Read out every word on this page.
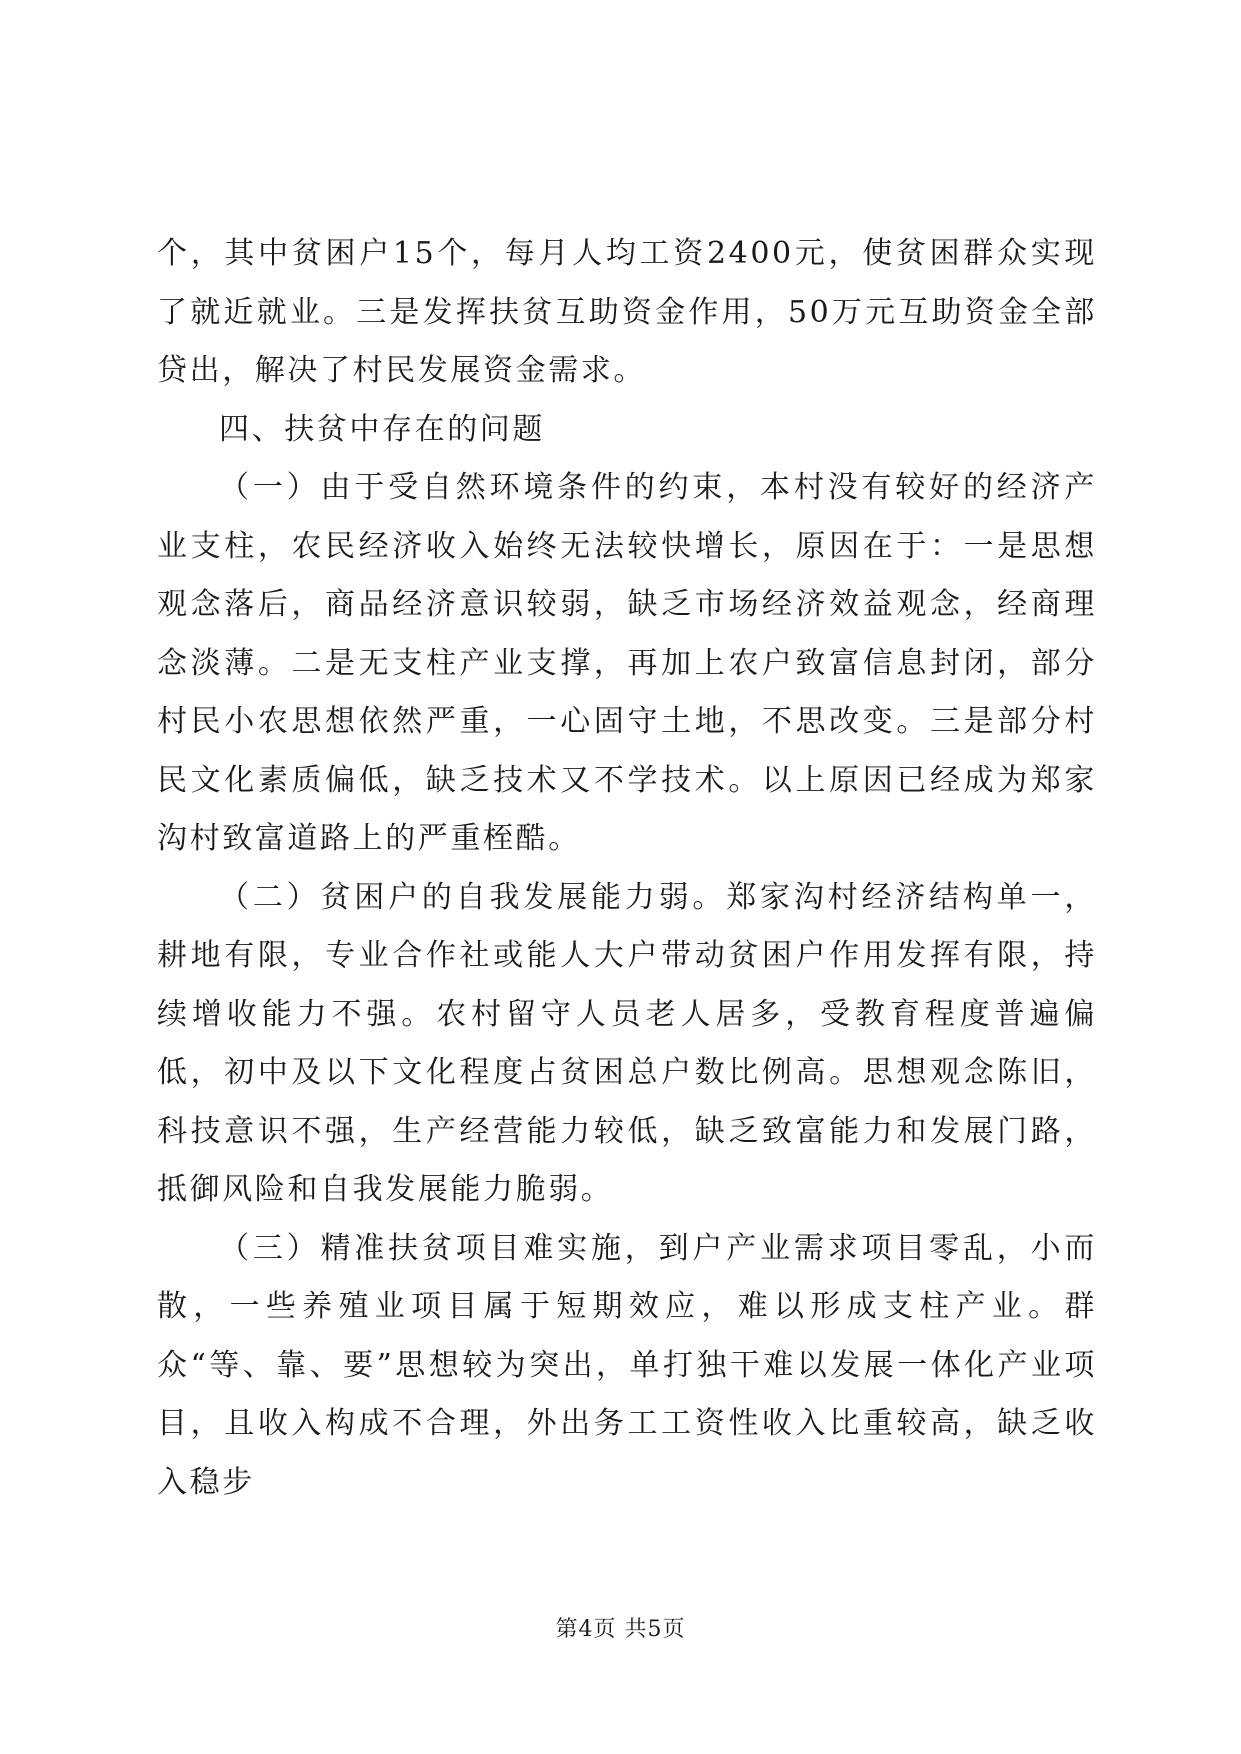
个，其中贫困户15个，每月人均工资2400元，使贫困群众实现了就近就业。三是发挥扶贫互助资金作用，50万元互助资金全部贷出，解决了村民发展资金需求。

四、扶贫中存在的问题

（一）由于受自然环境条件的约束，本村没有较好的经济产业支柱，农民经济收入始终无法较快增长，原因在于：一是思想观念落后，商品经济意识较弱，缺乏市场经济效益观念，经商理念淡薄。二是无支柱产业支撑，再加上农户致富信息封闭，部分村民小农思想依然严重，一心固守土地，不思改变。三是部分村民文化素质偏低，缺乏技术又不学技术。以上原因已经成为郑家沟村致富道路上的严重桎酷。

（二）贫困户的自我发展能力弱。郑家沟村经济结构单一，耕地有限，专业合作社或能人大户带动贫困户作用发挥有限，持续增收能力不强。农村留守人员老人居多，受教育程度普遍偏低，初中及以下文化程度占贫困总户数比例高。思想观念陈旧，科技意识不强，生产经营能力较低，缺乏致富能力和发展门路，抵御风险和自我发展能力脆弱。

（三）精准扶贫项目难实施，到户产业需求项目零乱，小而散，一些养殖业项目属于短期效应，难以形成支柱产业。群众“等、靠、要”思想较为突出，单打独干难以发展一体化产业项目，且收入构成不合理，外出务工工资性收入比重较高，缺乏收入稳步

第4页 共5页
